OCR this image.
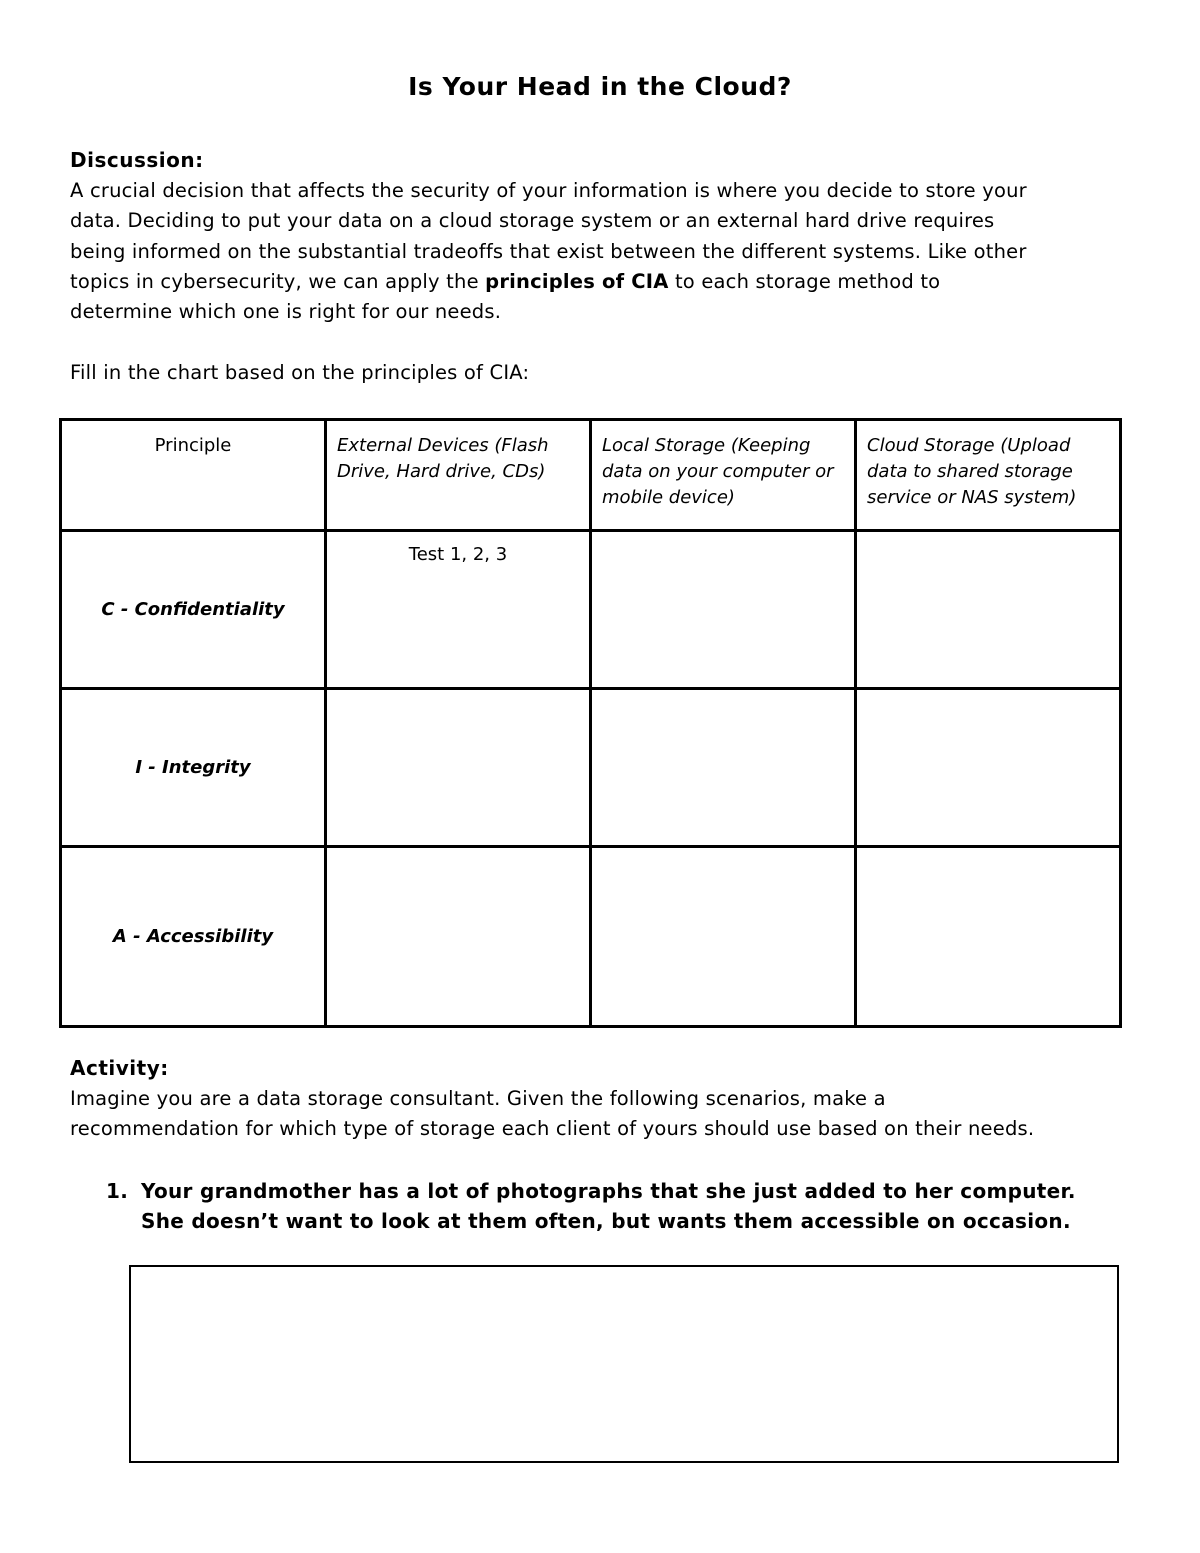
Is Your Head in the Cloud?
Discussion:
A crucial decision that affects the security of your information is where you decide to store your
data. Deciding to put your data on a cloud storage system or an external hard drive requires
being informed on the substantial tradeoffs that exist between the different systems. Like other
topics in cybersecurity, we can apply the principles of CIA to each storage method to
determine which one is right for our needs.
Fill in the chart based on the principles of CIA:
Principle	External Devices (Flash Drive, Hard drive, CDs)	Local Storage (Keeping data on your computer or mobile device)	Cloud Storage (Upload data to shared storage service or NAS system)
C - Confidentiality	Test 1, 2, 3		
I - Integrity			
A - Accessibility			
Activity:
Imagine you are a data storage consultant. Given the following scenarios, make a
recommendation for which type of storage each client of yours should use based on their needs.
1. Your grandmother has a lot of photographs that she just added to her computer.
She doesn’t want to look at them often, but wants them accessible on occasion.
